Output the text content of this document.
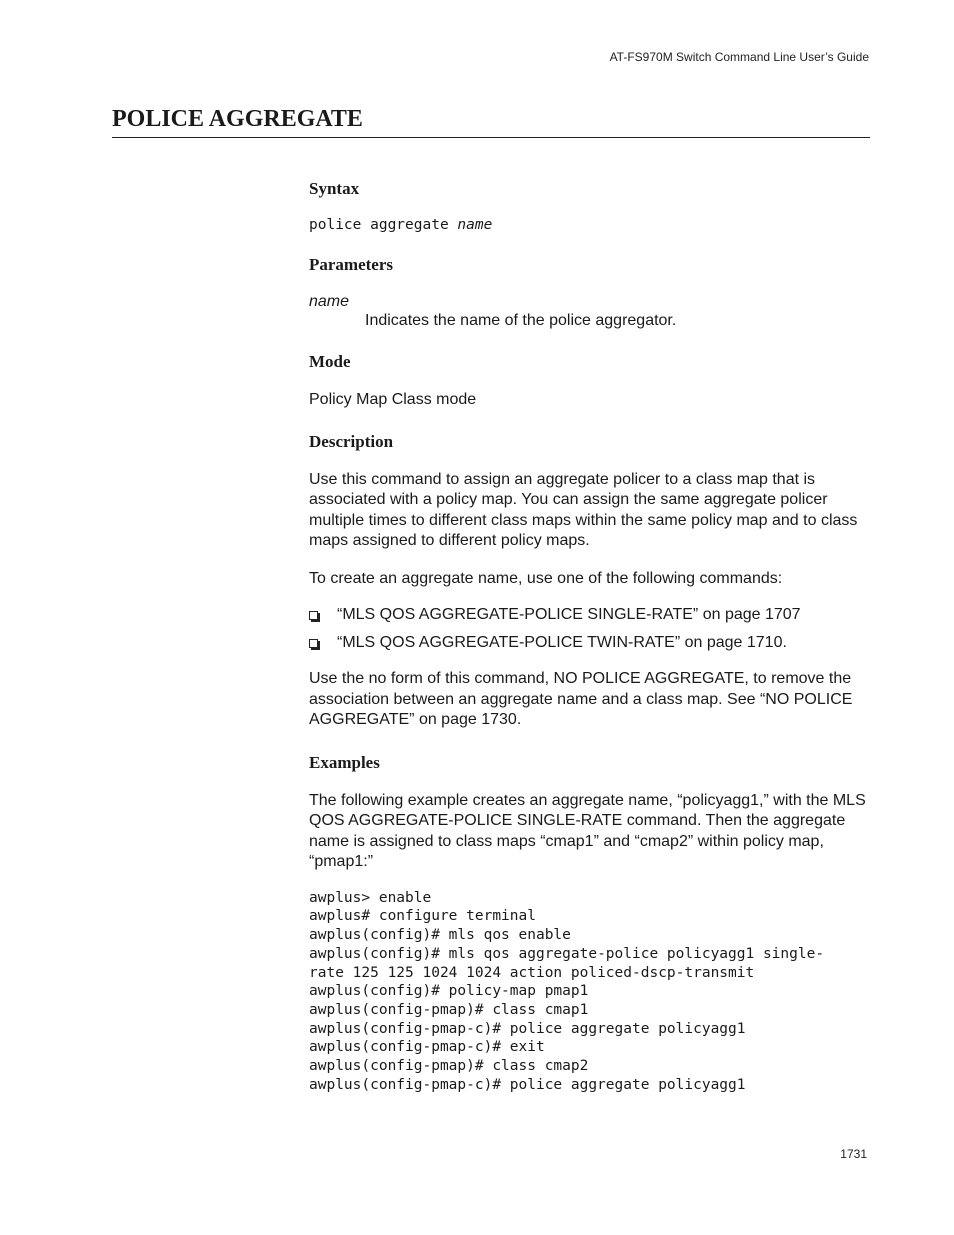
AT-FS970M Switch Command Line User’s Guide
POLICE AGGREGATE
Syntax
police aggregate name
Parameters
name

Indicates the name of the police aggregator.

Mode

Policy Map Class mode

Description

Use this command to assign an aggregate policer to a class map that is associated with a policy map. You can assign the same aggregate policer multiple times to different class maps within the same policy map and to class maps assigned to different policy maps.

To create an aggregate name, use one of the following commands:

“MLS QOS AGGREGATE-POLICE SINGLE-RATE” on page 1707
“MLS QOS AGGREGATE-POLICE TWIN-RATE” on page 1710.

Use the no form of this command, NO POLICE AGGREGATE, to remove the association between an aggregate name and a class map. See “NO POLICE AGGREGATE” on page 1730.

Examples

The following example creates an aggregate name, “policyagg1,” with the MLS QOS AGGREGATE-POLICE SINGLE-RATE command. Then the aggregate name is assigned to class maps “cmap1” and “cmap2” within policy map, “pmap1:”

awplus> enable
awplus# configure terminal
awplus(config)# mls qos enable
awplus(config)# mls qos aggregate-police policyagg1 single-
rate 125 125 1024 1024 action policed-dscp-transmit
awplus(config)# policy-map pmap1
awplus(config-pmap)# class cmap1
awplus(config-pmap-c)# police aggregate policyagg1
awplus(config-pmap-c)# exit
awplus(config-pmap)# class cmap2
awplus(config-pmap-c)# police aggregate policyagg1
1731
